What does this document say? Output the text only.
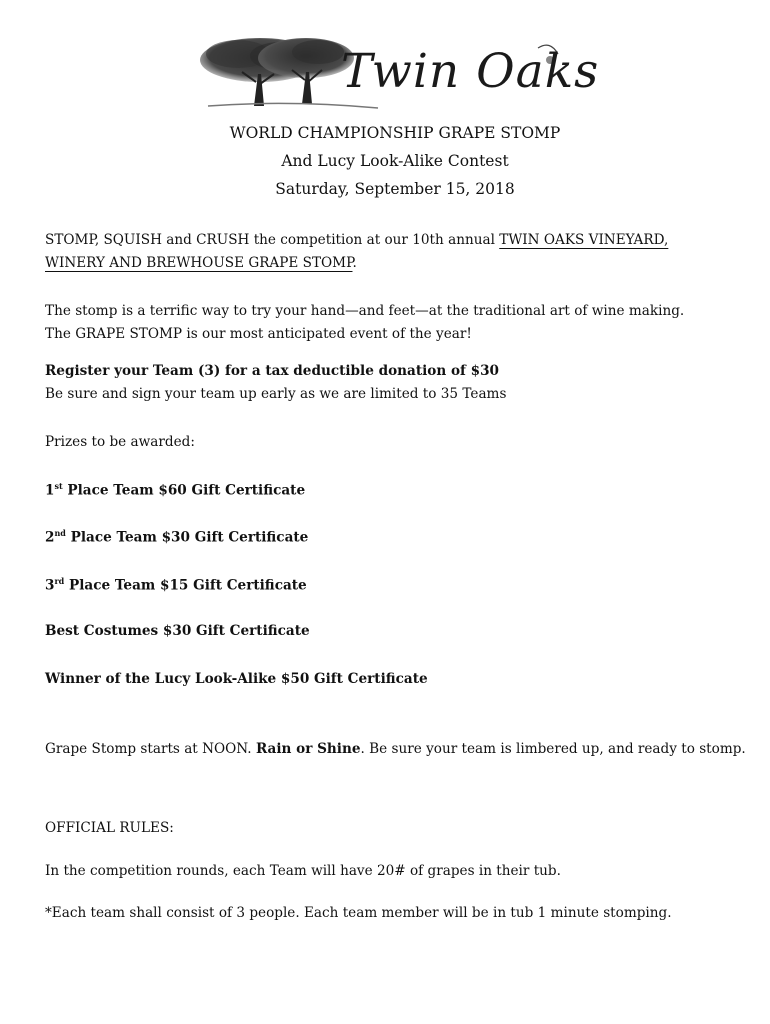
Twin Oaks
WORLD CHAMPIONSHIP GRAPE STOMP
And Lucy Look-Alike Contest
Saturday, September 15, 2018
STOMP, SQUISH and CRUSH the competition at our 10th annual TWIN OAKS VINEYARD, WINERY AND BREWHOUSE GRAPE STOMP.
The stomp is a terrific way to try your hand—and feet—at the traditional art of wine making. The GRAPE STOMP is our most anticipated event of the year!
Register your Team (3) for a tax deductible donation of $30
Be sure and sign your team up early as we are limited to 35 Teams
Prizes to be awarded:
1st Place Team $60 Gift Certificate
2nd Place Team $30 Gift Certificate
3rd Place Team $15 Gift Certificate
Best Costumes $30 Gift Certificate
Winner of the Lucy Look-Alike $50 Gift Certificate
Grape Stomp starts at NOON. Rain or Shine. Be sure your team is limbered up, and ready to stomp.
OFFICIAL RULES:
In the competition rounds, each Team will have 20# of grapes in their tub.
*Each team shall consist of 3 people. Each team member will be in tub 1 minute stomping.
